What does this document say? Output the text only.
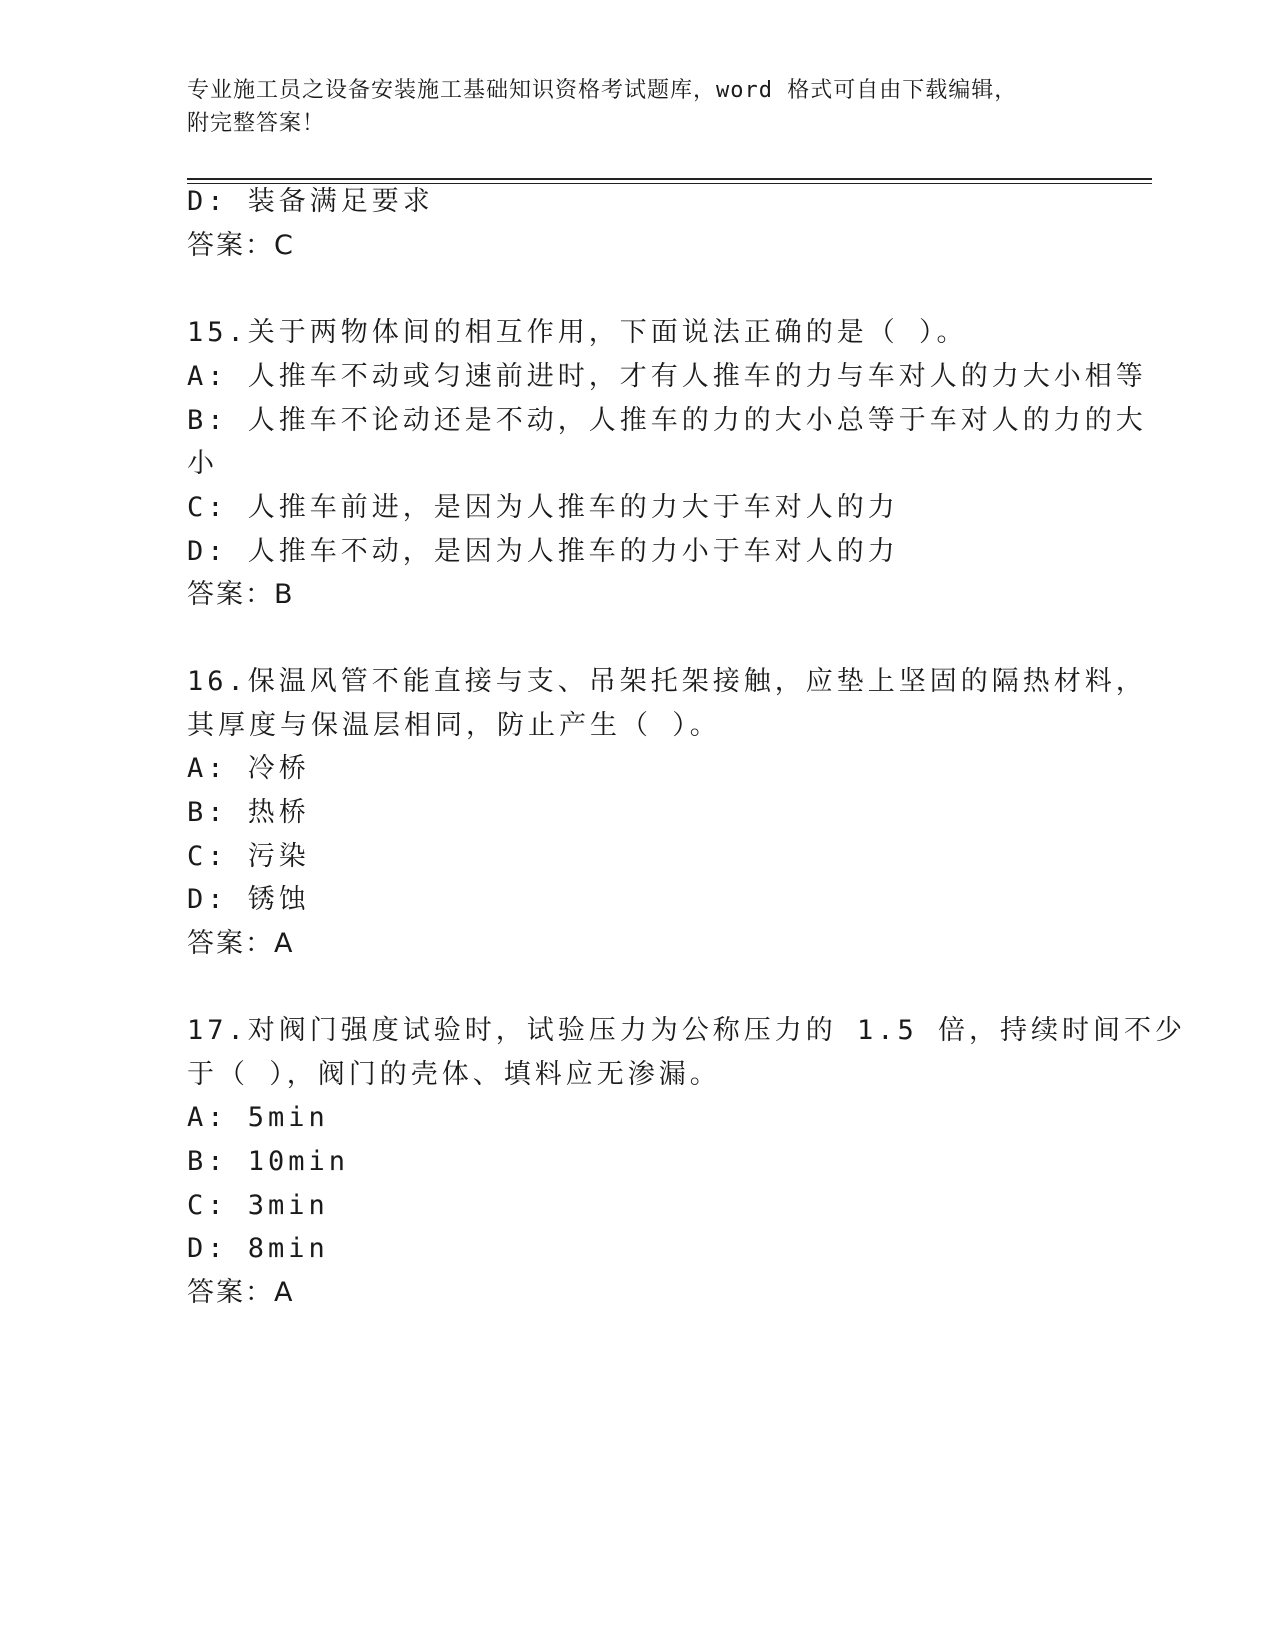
专业施工员之设备安装施工基础知识资格考试题库，word 格式可自由下载编辑，
附完整答案！
D: 装备满足要求
答案：C
15.关于两物体间的相互作用，下面说法正确的是（ ）。
A: 人推车不动或匀速前进时，才有人推车的力与车对人的力大小相等
B: 人推车不论动还是不动，人推车的力的大小总等于车对人的力的大
小
C: 人推车前进，是因为人推车的力大于车对人的力
D: 人推车不动，是因为人推车的力小于车对人的力
答案：B
16.保温风管不能直接与支、吊架托架接触，应垫上坚固的隔热材料，
其厚度与保温层相同，防止产生（ ）。
A: 冷桥
B: 热桥
C: 污染
D: 锈蚀
答案：A
17.对阀门强度试验时，试验压力为公称压力的 1.5 倍，持续时间不少
于（ ），阀门的壳体、填料应无渗漏。
A: 5min
B: 10min
C: 3min
D: 8min
答案：A
